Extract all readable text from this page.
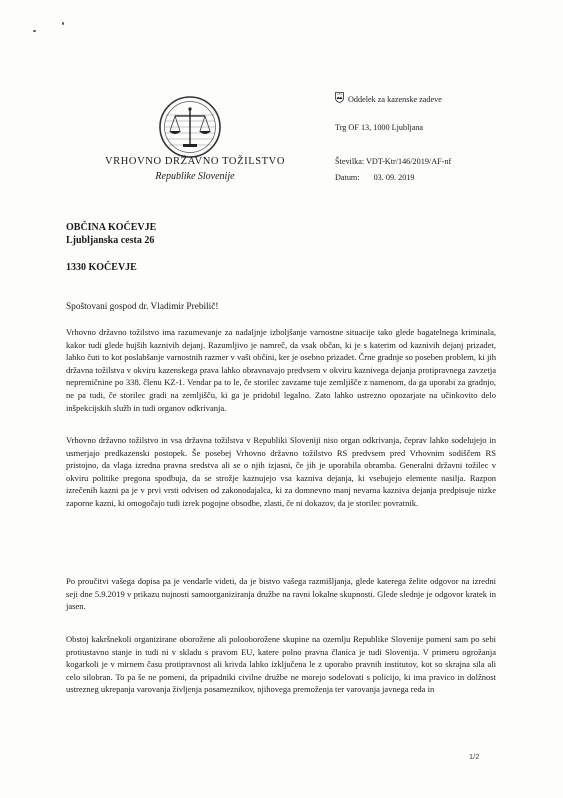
VRHOVNO DRŽAVNO TOŽILSTVO
Republike Slovenije
Oddelek za kazenske zadeve
Trg OF 13, 1000 Ljubljana
Številka: VDT-Ktr/146/2019/AF-nf
Datum: 03. 09. 2019
OBČINA KOČEVJE
Ljubljanska cesta 26
1330 KOČEVJE
Spoštovani gospod dr. Vladimir Prebilič!

Vrhovno državno tožilstvo ima razumevanje za nadaljnje izboljšanje varnostne situacije tako glede bagatelnega kriminala, kakor tudi glede hujših kaznivih dejanj. Razumljivo je namreč, da vsak občan, ki je s katerim od kaznivih dejanj prizadet, lahko čuti to kot poslabšanje varnostnih razmer v vaši občini, ker je osebno prizadet. Črne gradnje so poseben problem, ki jih državna tožilstva v okviru kazenskega prava lahko obravnavajo predvsem v okviru kaznivega dejanja protipravnega zavzetja nepremičnine po 338. členu KZ-1. Vendar pa to le, če storilec zavzame tuje zemljišče z namenom, da ga uporabi za gradnjo, ne pa tudi, če storilec gradi na zemljišču, ki ga je pridobil legalno. Zato lahko ustrezno opozarjate na učinkovito delo inšpekcijskih služb in tudi organov odkrivanja.

Vrhovno državno tožilstvo in vsa državna tožilstva v Republiki Sloveniji niso organ odkrivanja, čeprav lahko sodelujejo in usmerjajo predkazenski postopek. Še posebej Vrhovno državno tožilstvo RS predvsem pred Vrhovnim sodiščem RS pristojno, da vlaga izredna pravna sredstva ali se o njih izjasni, če jih je uporabila obramba. Generalni državni tožilec v okviru politike pregona spodbuja, da se strožje kaznujejo vsa kazniva dejanja, ki vsebujejo elemente nasilja. Razpon izrečenih kazni pa je v prvi vrsti odvisen od zakonodajalca, ki za domnevno manj nevarna kazniva dejanja predpisuje nizke zaporne kazni, ki omogočajo tudi izrek pogojne obsodbe, zlasti, če ni dokazov, da je storilec povratnik.

Po proučitvi vašega dopisa pa je vendarle videti, da je bistvo vašega razmišljanja, glede katerega želite odgovor na izredni seji dne 5.9.2019 v prikazu nujnosti samoorganiziranja družbe na ravni lokalne skupnosti. Glede slednje je odgovor kratek in jasen.

Obstoj kakršnekoli organizirane oborožene ali polooborožene skupine na ozemlju Republike Slovenije pomeni sam po sebi protiustavno stanje in tudi ni v skladu s pravom EU, katere polno pravna članica je tudi Slovenija. V primeru ogrožanja kogarkoli je v mirnem času protipravnost ali krivda lahko izključena le z uporabo pravnih institutov, kot so skrajna sila ali celo silobran. To pa še ne pomeni, da pripadniki civilne družbe ne morejo sodelovati s policijo, ki ima pravico in dolžnost ustrezneg ukrepanja varovanja življenja posameznikov, njihovega premoženja ter varovanja javnega reda in

1/2
